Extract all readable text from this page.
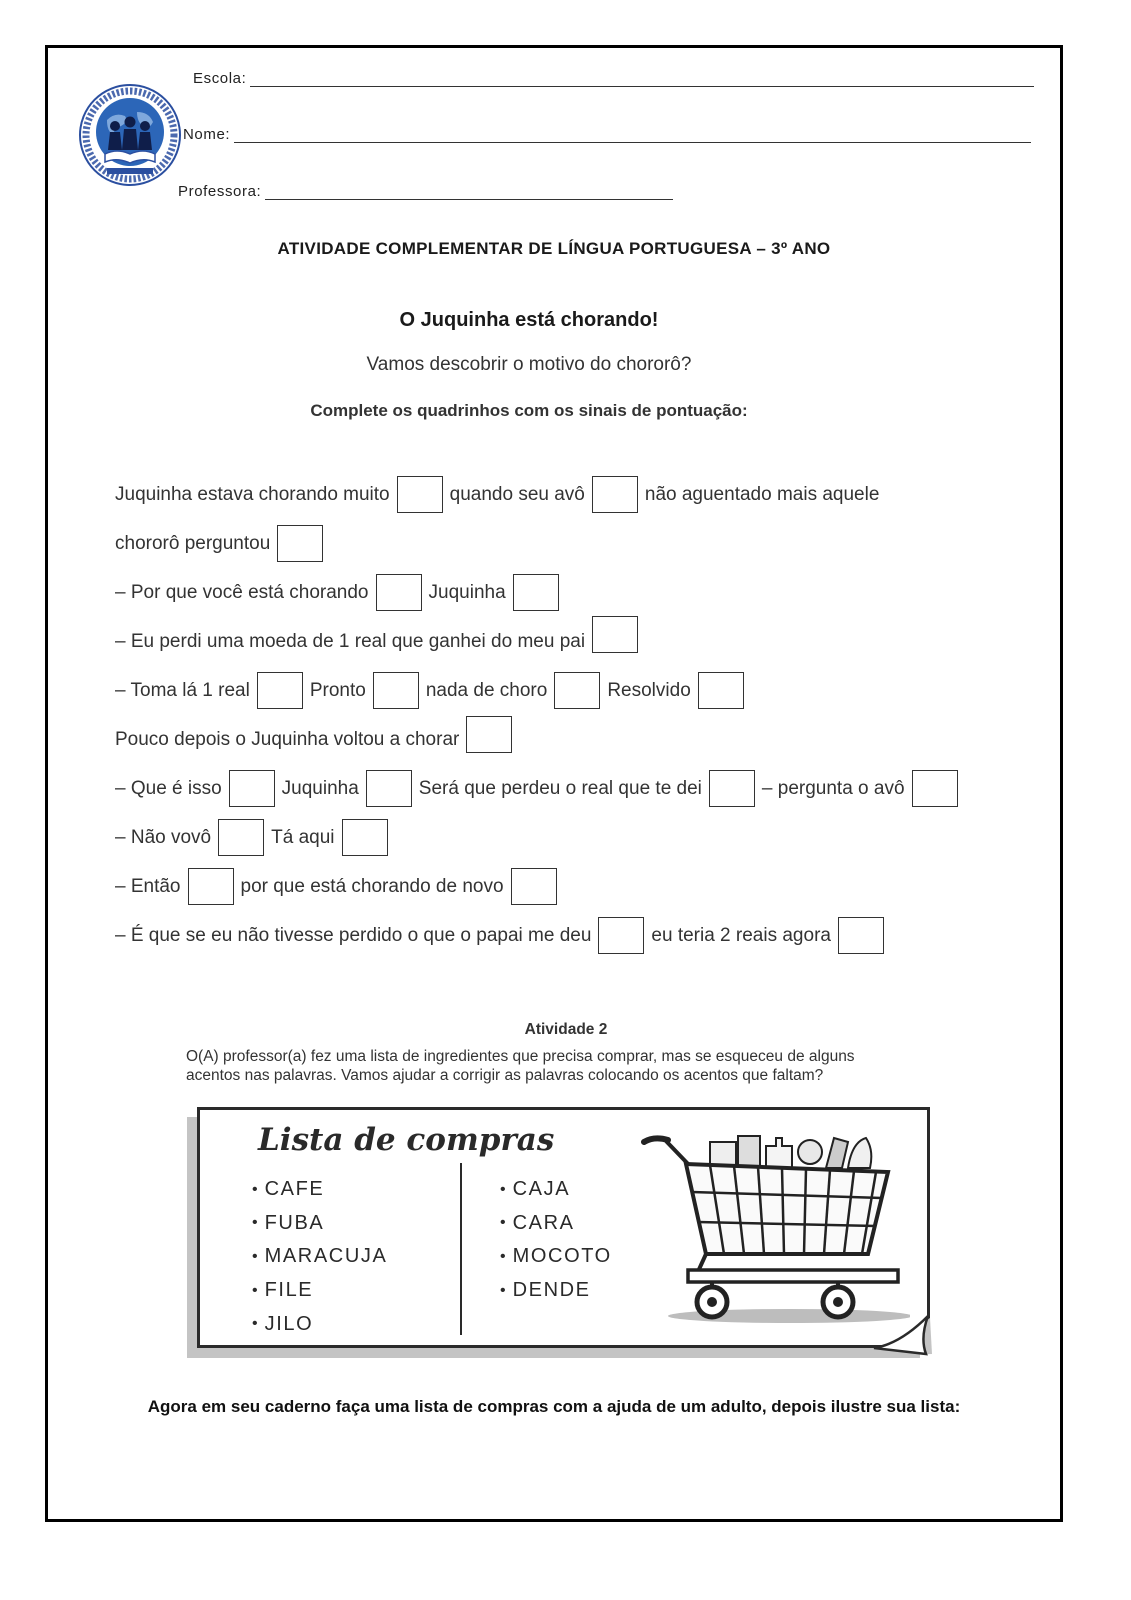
Escola:
Nome:
Professora:
ATIVIDADE COMPLEMENTAR DE LÍNGUA PORTUGUESA – 3º ANO
O Juquinha está chorando!
Vamos descobrir o motivo do chororô?
Complete os quadrinhos com os sinais de pontuação:
Juquinha estava chorando muito	quando seu avô	não aguentado mais aquele
chororô perguntou
– Por que você está chorando	Juquinha
– Eu perdi uma moeda de 1 real que ganhei do meu pai
– Toma lá 1 real	Pronto	nada de choro	Resolvido
Pouco depois o Juquinha voltou a chorar
– Que é isso	Juquinha	Será que perdeu o real que te dei	– pergunta o avô
– Não vovô	Tá aqui
– Então	por que está chorando de novo
– É que se eu não tivesse perdido o que o papai me deu	eu teria 2 reais agora
Atividade 2
O(A) professor(a) fez uma lista de ingredientes que precisa comprar, mas se esqueceu de alguns
acentos nas palavras. Vamos ajudar a corrigir as palavras colocando os acentos que faltam?
Lista de compras
• CAFE
• FUBA
• MARACUJA
• FILE
• JILO
• CAJA
• CARA
• MOCOTO
• DENDE
Agora em seu caderno faça uma lista de compras com a ajuda de um adulto, depois ilustre sua lista:
